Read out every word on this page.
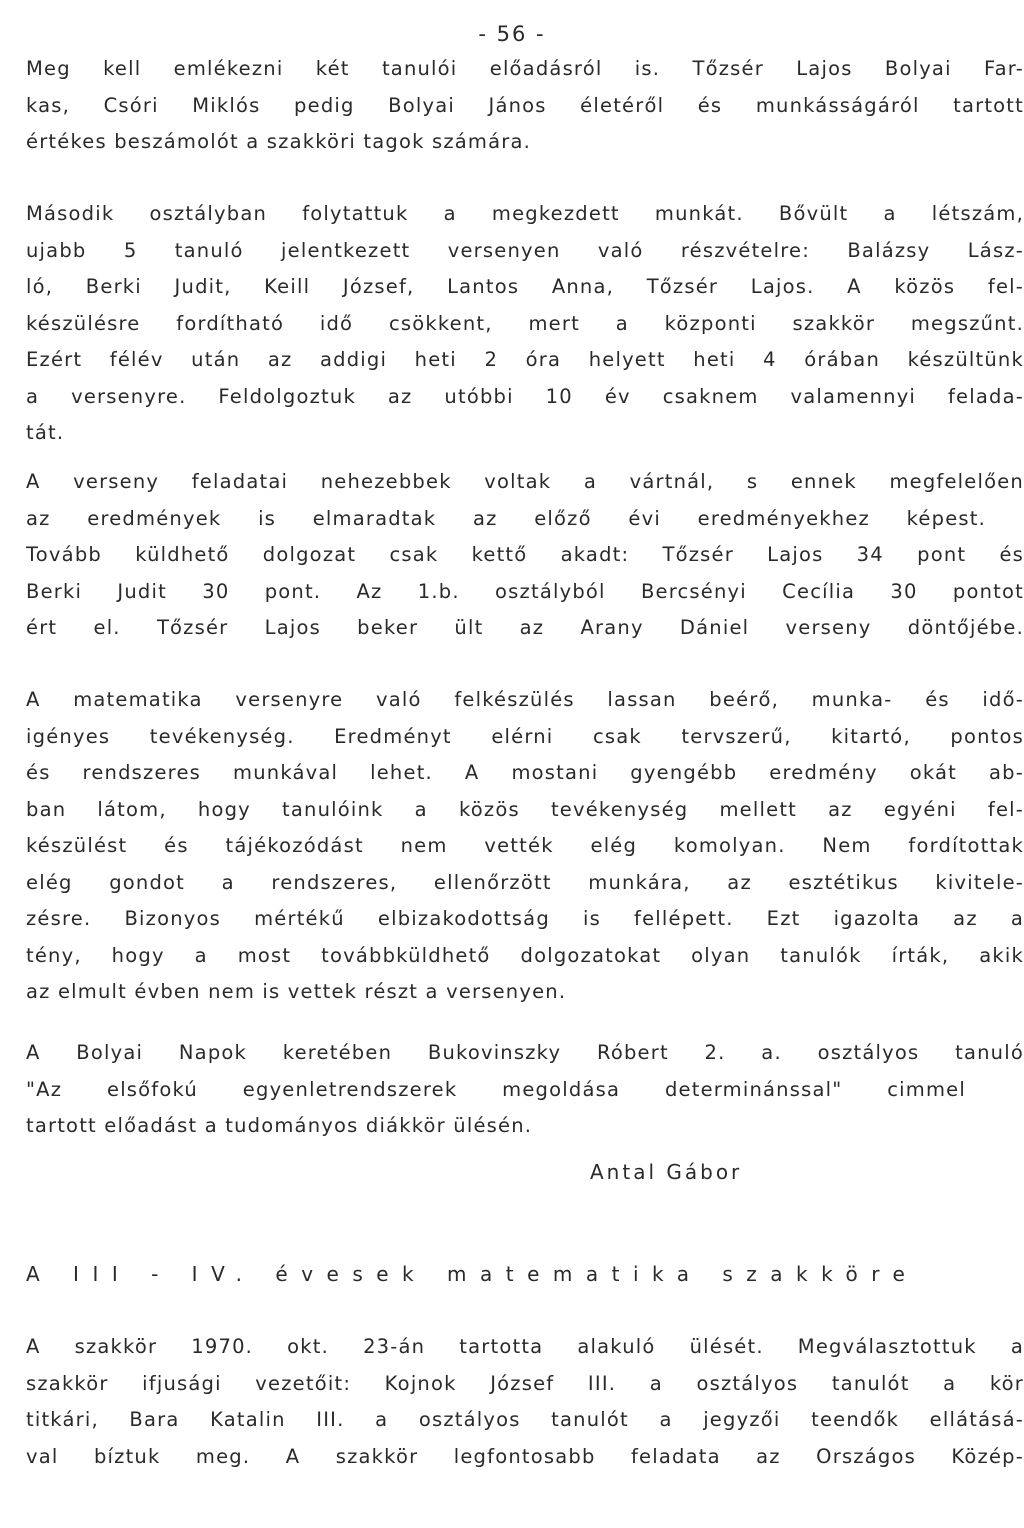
- 56 -
Meg kell emlékezni két tanulói előadásról is. Tőzsér Lajos Bolyai Far-
kas, Csóri Miklós pedig Bolyai János életéről és munkásságáról tartott
értékes beszámolót a szakköri tagok számára.
Második osztályban folytattuk a megkezdett munkát. Bővült a létszám,
ujabb 5 tanuló jelentkezett versenyen való részvételre: Balázsy Lász-
ló, Berki Judit, Keill József, Lantos Anna, Tőzsér Lajos. A közös fel-
készülésre fordítható idő csökkent, mert a központi szakkör megszűnt.
Ezért félév után az addigi heti 2 óra helyett heti 4 órában készültünk
a versenyre. Feldolgoztuk az utóbbi 10 év csaknem valamennyi felada-
tát.
A verseny feladatai nehezebbek voltak a vártnál, s ennek megfelelően
az eredmények is elmaradtak az előző évi eredményekhez képest.
Tovább küldhető dolgozat csak kettő akadt: Tőzsér Lajos 34 pont és
Berki Judit 30 pont. Az 1.b. osztályból Bercsényi Cecília 30 pontot
ért el. Tőzsér Lajos beker ült az Arany Dániel verseny döntőjébe.
A matematika versenyre való felkészülés lassan beérő, munka- és idő-
igényes tevékenység. Eredményt elérni csak tervszerű, kitartó, pontos
és rendszeres munkával lehet. A mostani gyengébb eredmény okát ab-
ban látom, hogy tanulóink a közös tevékenység mellett az egyéni fel-
készülést és tájékozódást nem vették elég komolyan. Nem fordítottak
elég gondot a rendszeres, ellenőrzött munkára, az esztétikus kivitele-
zésre. Bizonyos mértékű elbizakodottság is fellépett. Ezt igazolta az a
tény, hogy a most továbbküldhető dolgozatokat olyan tanulók írták, akik
az elmult évben nem is vettek részt a versenyen.
A Bolyai Napok keretében Bukovinszky Róbert 2. a. osztályos tanuló
"Az elsőfokú egyenletrendszerek megoldása determinánssal" cimmel
tartott előadást a tudományos diákkör ülésén.
Antal Gábor
A III - IV. évesek matematika szakköre
A szakkör 1970. okt. 23-án tartotta alakuló ülését. Megválasztottuk a
szakkör ifjusági vezetőit: Kojnok József III. a osztályos tanulót a kör
titkári, Bara Katalin III. a osztályos tanulót a jegyzői teendők ellátásá-
val bíztuk meg. A szakkör legfontosabb feladata az Országos Közép-
